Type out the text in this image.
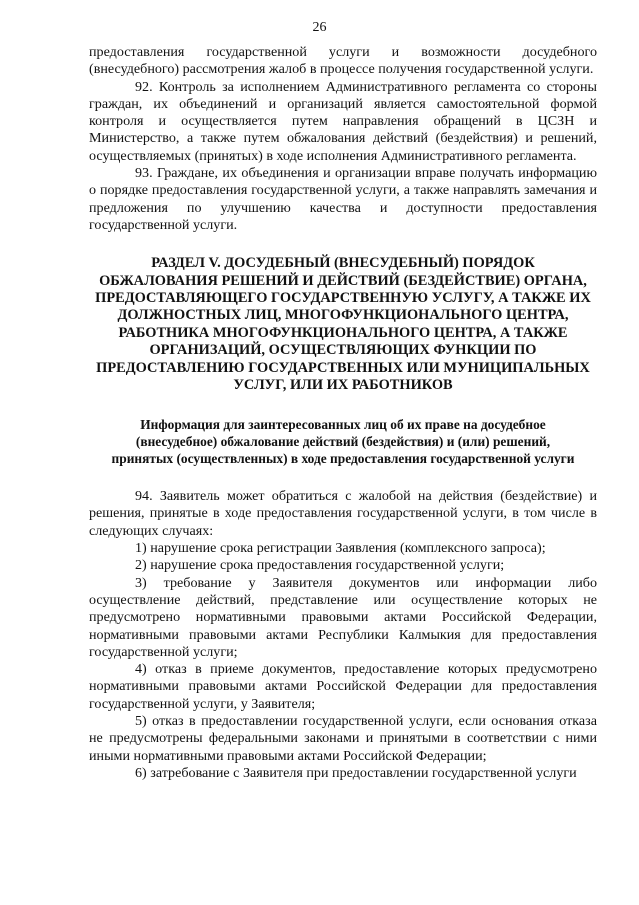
26

предоставления государственной услуги и возможности досудебного (внесудебного) рассмотрения жалоб в процессе получения государственной услуги.

92. Контроль за исполнением Административного регламента со стороны граждан, их объединений и организаций является самостоятельной формой контроля и осуществляется путем направления обращений в ЦСЗН и Министерство, а также путем обжалования действий (бездействия) и решений, осуществляемых (принятых) в ходе исполнения Административного регламента.

93. Граждане, их объединения и организации вправе получать информацию о порядке предоставления государственной услуги, а также направлять замечания и предложения по улучшению качества и доступности предоставления государственной услуги.

РАЗДЕЛ V. ДОСУДЕБНЫЙ (ВНЕСУДЕБНЫЙ) ПОРЯДОК ОБЖАЛОВАНИЯ РЕШЕНИЙ И ДЕЙСТВИЙ (БЕЗДЕЙСТВИЕ) ОРГАНА, ПРЕДОСТАВЛЯЮЩЕГО ГОСУДАРСТВЕННУЮ УСЛУГУ, А ТАКЖЕ ИХ ДОЛЖНОСТНЫХ ЛИЦ, МНОГОФУНКЦИОНАЛЬНОГО ЦЕНТРА, РАБОТНИКА МНОГОФУНКЦИОНАЛЬНОГО ЦЕНТРА, А ТАКЖЕ ОРГАНИЗАЦИЙ, ОСУЩЕСТВЛЯЮЩИХ ФУНКЦИИ ПО ПРЕДОСТАВЛЕНИЮ ГОСУДАРСТВЕННЫХ ИЛИ МУНИЦИПАЛЬНЫХ УСЛУГ, ИЛИ ИХ РАБОТНИКОВ

Информация для заинтересованных лиц об их праве на досудебное (внесудебное) обжалование действий (бездействия) и (или) решений, принятых (осуществленных) в ходе предоставления государственной услуги

94. Заявитель может обратиться с жалобой на действия (бездействие) и решения, принятые в ходе предоставления государственной услуги, в том числе в следующих случаях:

1) нарушение срока регистрации Заявления (комплексного запроса);

2) нарушение срока предоставления государственной услуги;

3) требование у Заявителя документов или информации либо осуществление действий, представление или осуществление которых не предусмотрено нормативными правовыми актами Российской Федерации, нормативными правовыми актами Республики Калмыкия для предоставления государственной услуги;

4) отказ в приеме документов, предоставление которых предусмотрено нормативными правовыми актами Российской Федерации для предоставления государственной услуги, у Заявителя;

5) отказ в предоставлении государственной услуги, если основания отказа не предусмотрены федеральными законами и принятыми в соответствии с ними иными нормативными правовыми актами Российской Федерации;

6) затребование с Заявителя при предоставлении государственной услуги
